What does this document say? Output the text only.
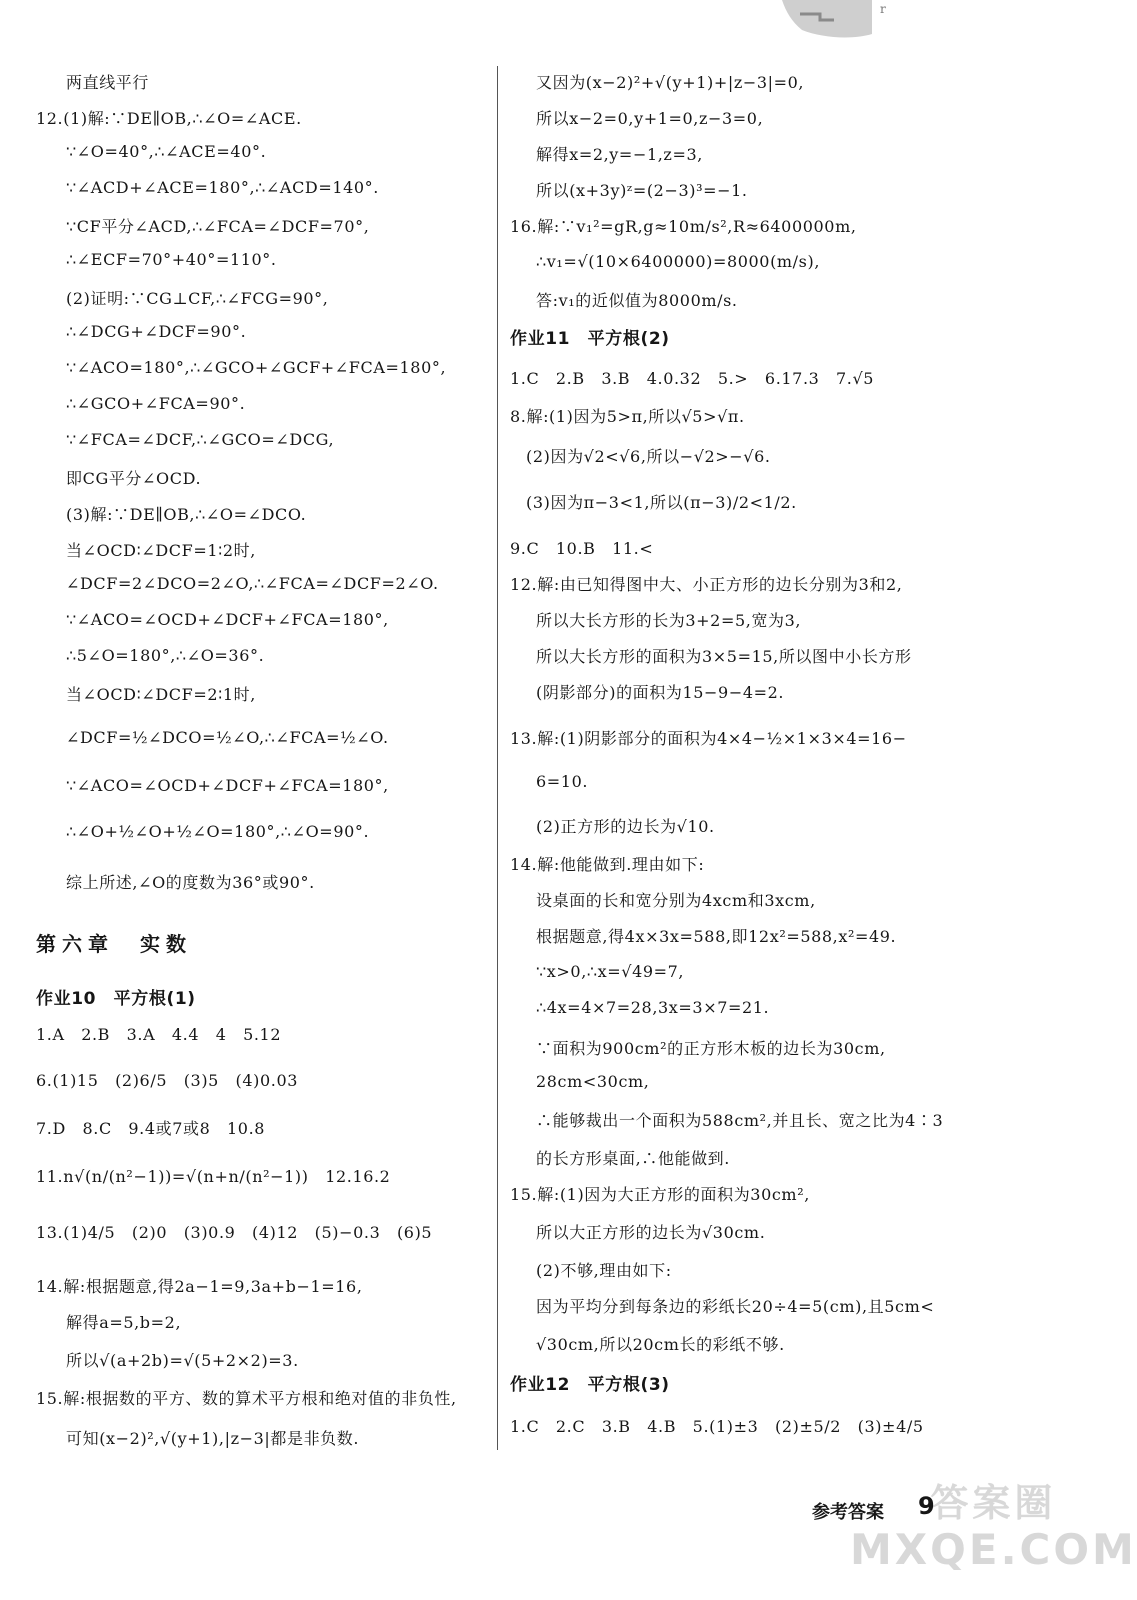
r
两直线平行
12.(1)解:∵DE∥OB,∴∠O=∠ACE.
∵∠O=40°,∴∠ACE=40°.
∵∠ACD+∠ACE=180°,∴∠ACD=140°.
∵CF平分∠ACD,∴∠FCA=∠DCF=70°,
∴∠ECF=70°+40°=110°.
(2)证明:∵CG⊥CF,∴∠FCG=90°,
∴∠DCG+∠DCF=90°.
∵∠ACO=180°,∴∠GCO+∠GCF+∠FCA=180°,
∴∠GCO+∠FCA=90°.
∵∠FCA=∠DCF,∴∠GCO=∠DCG,
即CG平分∠OCD.
(3)解:∵DE∥OB,∴∠O=∠DCO.
当∠OCD∶∠DCF=1∶2时,
∠DCF=2∠DCO=2∠O,∴∠FCA=∠DCF=2∠O.
∵∠ACO=∠OCD+∠DCF+∠FCA=180°,
∴5∠O=180°,∴∠O=36°.
当∠OCD∶∠DCF=2∶1时,
∠DCF=½∠DCO=½∠O,∴∠FCA=½∠O.
∵∠ACO=∠OCD+∠DCF+∠FCA=180°,
∴∠O+½∠O+½∠O=180°,∴∠O=90°.
综上所述,∠O的度数为36°或90°.
第六章　实数
作业10　平方根(1)
1.A　2.B　3.A　4.4　4　5.12
6.(1)15　(2)6/5　(3)5　(4)0.03
7.D　8.C　9.4或7或8　10.8
11.n√(n/(n²−1))=√(n+n/(n²−1))　12.16.2
13.(1)4/5　(2)0　(3)0.9　(4)12　(5)−0.3　(6)5
14.解:根据题意,得2a−1=9,3a+b−1=16,
解得a=5,b=2,
所以√(a+2b)=√(5+2×2)=3.
15.解:根据数的平方、数的算术平方根和绝对值的非负性,
可知(x−2)²,√(y+1),|z−3|都是非负数.
又因为(x−2)²+√(y+1)+|z−3|=0,
所以x−2=0,y+1=0,z−3=0,
解得x=2,y=−1,z=3,
所以(x+3y)ᶻ=(2−3)³=−1.
16.解:∵v₁²=gR,g≈10m/s²,R≈6400000m,
∴v₁=√(10×6400000)=8000(m/s),
答:v₁的近似值为8000m/s.
作业11　平方根(2)
1.C　2.B　3.B　4.0.32　5.>　6.17.3　7.√5
8.解:(1)因为5>π,所以√5>√π.
(2)因为√2<√6,所以−√2>−√6.
(3)因为π−3<1,所以(π−3)/2<1/2.
9.C　10.B　11.<
12.解:由已知得图中大、小正方形的边长分别为3和2,
所以大长方形的长为3+2=5,宽为3,
所以大长方形的面积为3×5=15,所以图中小长方形
(阴影部分)的面积为15−9−4=2.
13.解:(1)阴影部分的面积为4×4−½×1×3×4=16−
6=10.
(2)正方形的边长为√10.
14.解:他能做到.理由如下:
设桌面的长和宽分别为4xcm和3xcm,
根据题意,得4x×3x=588,即12x²=588,x²=49.
∵x>0,∴x=√49=7,
∴4x=4×7=28,3x=3×7=21.
∵面积为900cm²的正方形木板的边长为30cm,
28cm<30cm,
∴能够裁出一个面积为588cm²,并且长、宽之比为4∶3
的长方形桌面,∴他能做到.
15.解:(1)因为大正方形的面积为30cm²,
所以大正方形的边长为√30cm.
(2)不够,理由如下:
因为平均分到每条边的彩纸长20÷4=5(cm),且5cm<
√30cm,所以20cm长的彩纸不够.
作业12　平方根(3)
1.C　2.C　3.B　4.B　5.(1)±3　(2)±5/2　(3)±4/5
答案圈
MXQE.COM
参考答案 9
